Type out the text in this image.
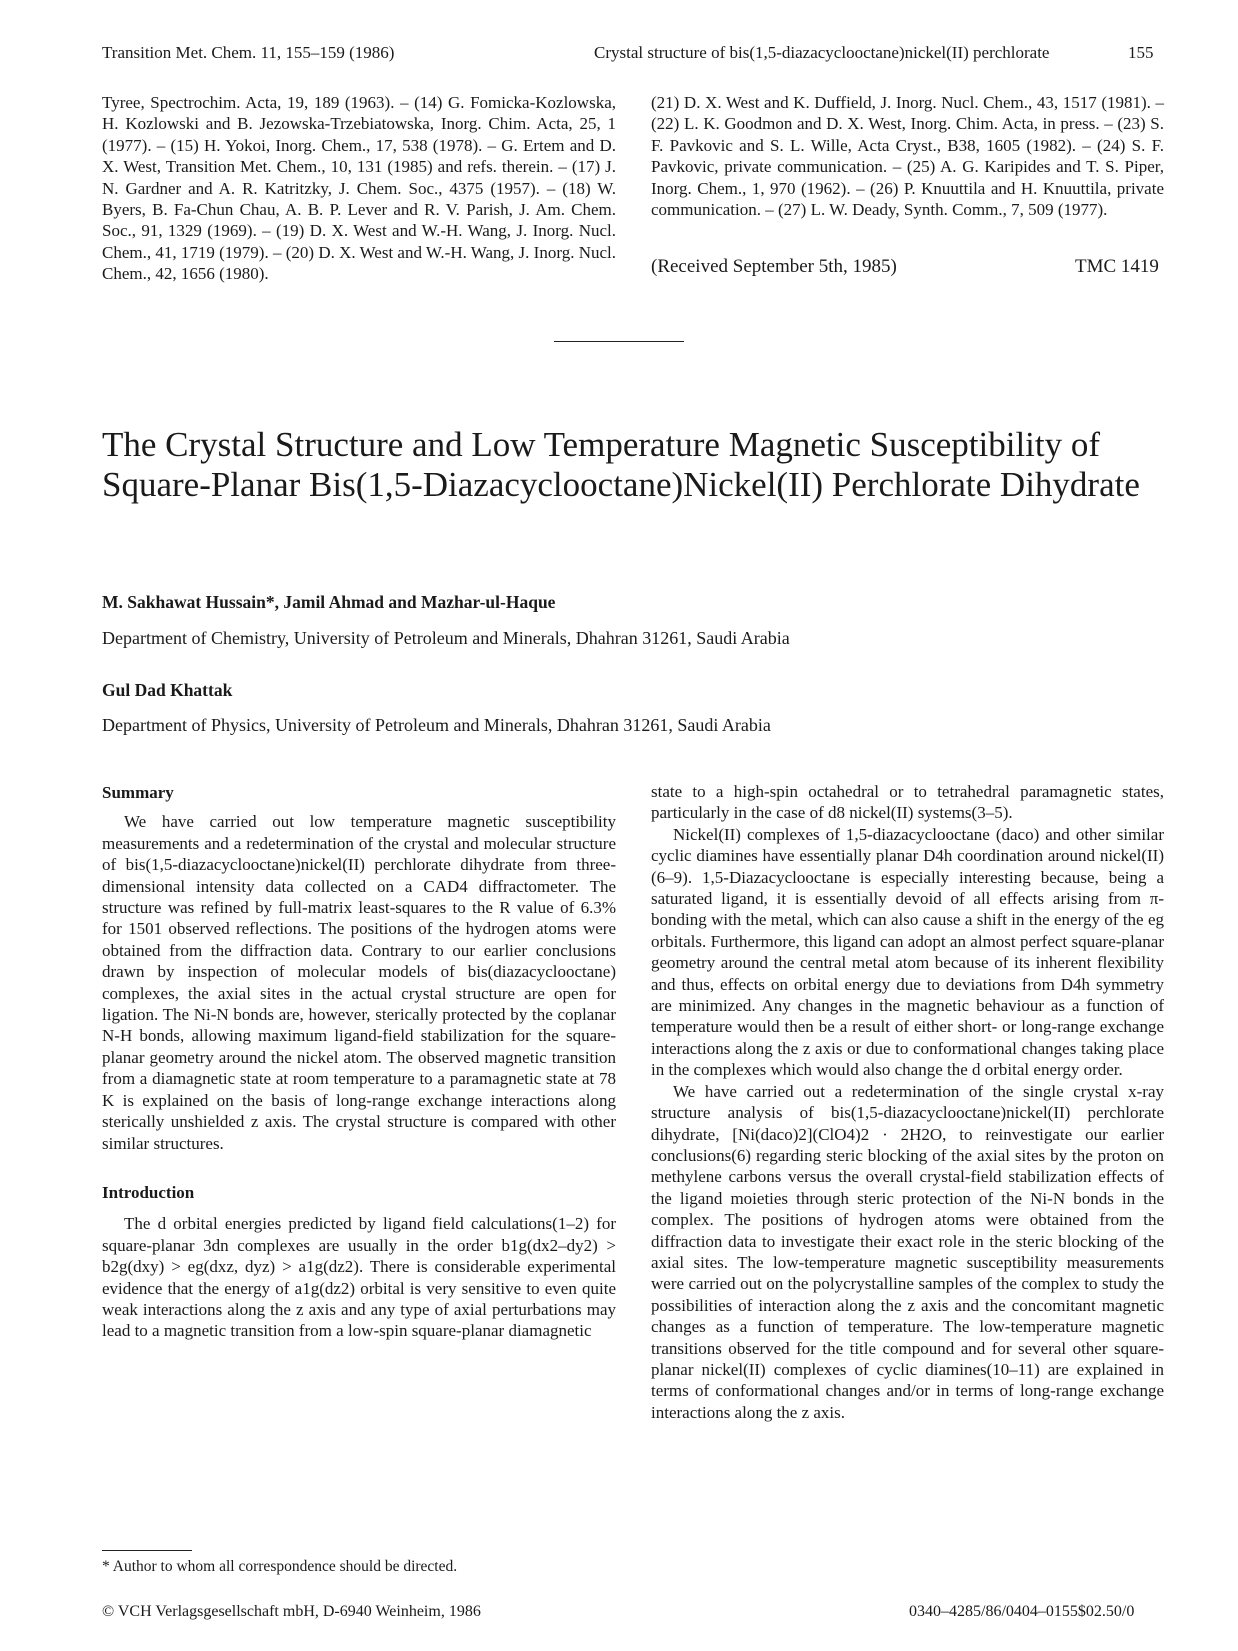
Transition Met. Chem. 11, 155–159 (1986)	Crystal structure of bis(1,5-diazacyclooctane)nickel(II) perchlorate	155
Tyree, Spectrochim. Acta, 19, 189 (1963). – (14) G. Fomicka-Kozlowska, H. Kozlowski and B. Jezowska-Trzebiatowska, Inorg. Chim. Acta, 25, 1 (1977). – (15) H. Yokoi, Inorg. Chem., 17, 538 (1978). – G. Ertem and D. X. West, Transition Met. Chem., 10, 131 (1985) and refs. therein. – (17) J. N. Gardner and A. R. Katritzky, J. Chem. Soc., 4375 (1957). – (18) W. Byers, B. Fa-Chun Chau, A. B. P. Lever and R. V. Parish, J. Am. Chem. Soc., 91, 1329 (1969). – (19) D. X. West and W.-H. Wang, J. Inorg. Nucl. Chem., 41, 1719 (1979). – (20) D. X. West and W.-H. Wang, J. Inorg. Nucl. Chem., 42, 1656 (1980).
(21) D. X. West and K. Duffield, J. Inorg. Nucl. Chem., 43, 1517 (1981). – (22) L. K. Goodmon and D. X. West, Inorg. Chim. Acta, in press. – (23) S. F. Pavkovic and S. L. Wille, Acta Cryst., B38, 1605 (1982). – (24) S. F. Pavkovic, private communication. – (25) A. G. Karipides and T. S. Piper, Inorg. Chem., 1, 970 (1962). – (26) P. Knuuttila and H. Knuuttila, private communication. – (27) L. W. Deady, Synth. Comm., 7, 509 (1977).
(Received September 5th, 1985)	TMC 1419
The Crystal Structure and Low Temperature Magnetic Susceptibility of Square-Planar Bis(1,5-Diazacyclooctane)Nickel(II) Perchlorate Dihydrate
M. Sakhawat Hussain*, Jamil Ahmad and Mazhar-ul-Haque
Department of Chemistry, University of Petroleum and Minerals, Dhahran 31261, Saudi Arabia
Gul Dad Khattak
Department of Physics, University of Petroleum and Minerals, Dhahran 31261, Saudi Arabia
Summary

We have carried out low temperature magnetic susceptibility measurements and a redetermination of the crystal and molecular structure of bis(1,5-diazacyclooctane)nickel(II) perchlorate dihydrate from three-dimensional intensity data collected on a CAD4 diffractometer. The structure was refined by full-matrix least-squares to the R value of 6.3% for 1501 observed reflections. The positions of the hydrogen atoms were obtained from the diffraction data. Contrary to our earlier conclusions drawn by inspection of molecular models of bis(diazacyclooctane) complexes, the axial sites in the actual crystal structure are open for ligation. The Ni-N bonds are, however, sterically protected by the coplanar N-H bonds, allowing maximum ligand-field stabilization for the square-planar geometry around the nickel atom. The observed magnetic transition from a diamagnetic state at room temperature to a paramagnetic state at 78 K is explained on the basis of long-range exchange interactions along sterically unshielded z axis. The crystal structure is compared with other similar structures.

Introduction

The d orbital energies predicted by ligand field calculations(1–2) for square-planar 3dn complexes are usually in the order b1g(dx2–dy2) > b2g(dxy) > eg(dxz, dyz) > a1g(dz2). There is considerable experimental evidence that the energy of a1g(dz2) orbital is very sensitive to even quite weak interactions along the z axis and any type of axial perturbations may lead to a magnetic transition from a low-spin square-planar diamagnetic

* Author to whom all correspondence should be directed.

state to a high-spin octahedral or to tetrahedral paramagnetic states, particularly in the case of d8 nickel(II) systems(3–5).

Nickel(II) complexes of 1,5-diazacyclooctane (daco) and other similar cyclic diamines have essentially planar D4h coordination around nickel(II)(6–9). 1,5-Diazacyclooctane is especially interesting because, being a saturated ligand, it is essentially devoid of all effects arising from π-bonding with the metal, which can also cause a shift in the energy of the eg orbitals. Furthermore, this ligand can adopt an almost perfect square-planar geometry around the central metal atom because of its inherent flexibility and thus, effects on orbital energy due to deviations from D4h symmetry are minimized. Any changes in the magnetic behaviour as a function of temperature would then be a result of either short- or long-range exchange interactions along the z axis or due to conformational changes taking place in the complexes which would also change the d orbital energy order.

We have carried out a redetermination of the single crystal x-ray structure analysis of bis(1,5-diazacyclooctane)nickel(II) perchlorate dihydrate, [Ni(daco)2](ClO4)2 · 2H2O, to reinvestigate our earlier conclusions(6) regarding steric blocking of the axial sites by the proton on methylene carbons versus the overall crystal-field stabilization effects of the ligand moieties through steric protection of the Ni-N bonds in the complex. The positions of hydrogen atoms were obtained from the diffraction data to investigate their exact role in the steric blocking of the axial sites. The low-temperature magnetic susceptibility measurements were carried out on the polycrystalline samples of the complex to study the possibilities of interaction along the z axis and the concomitant magnetic changes as a function of temperature. The low-temperature magnetic transitions observed for the title compound and for several other square-planar nickel(II) complexes of cyclic diamines(10–11) are explained in terms of conformational changes and/or in terms of long-range exchange interactions along the z axis.

© VCH Verlagsgesellschaft mbH, D-6940 Weinheim, 1986	0340–4285/86/0404–0155$02.50/0
